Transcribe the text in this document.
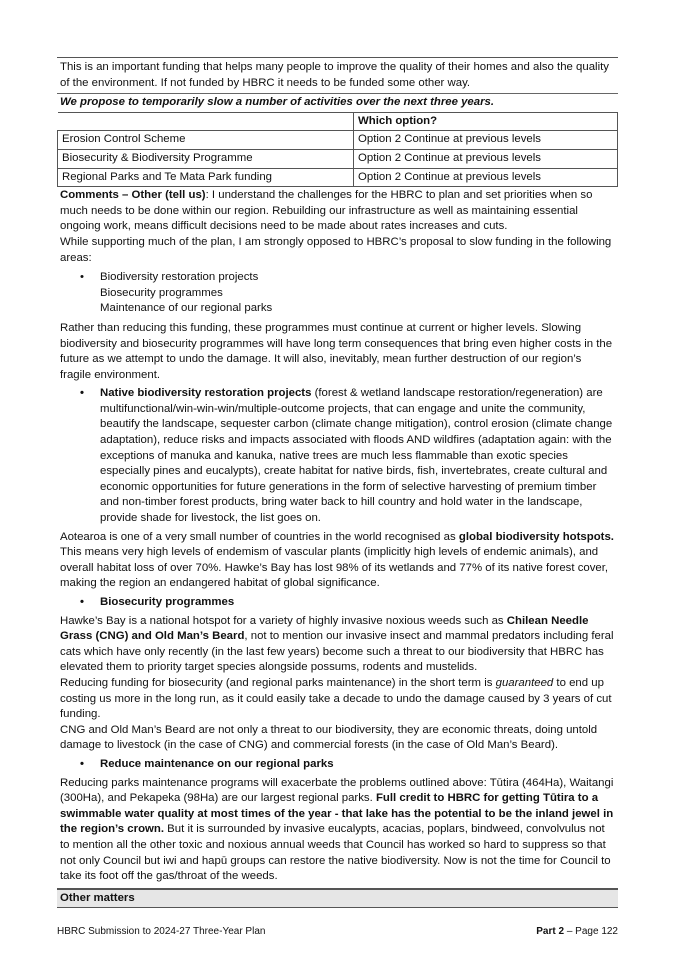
This is an important funding that helps many people to improve the quality of their homes and also the quality of the environment. If not funded by HBRC it needs to be funded some other way.
We propose to temporarily slow a number of activities over the next three years.
	Which option?
Erosion Control Scheme	Option 2 Continue at previous levels
Biosecurity & Biodiversity Programme	Option 2 Continue at previous levels
Regional Parks and Te Mata Park funding	Option 2 Continue at previous levels

Comments – Other (tell us): I understand the challenges for the HBRC to plan and set priorities when so much needs to be done within our region. Rebuilding our infrastructure as well as maintaining essential ongoing work, means difficult decisions need to be made about rates increases and cuts.

While supporting much of the plan, I am strongly opposed to HBRC’s proposal to slow funding in the following areas:

• Biodiversity restoration projects
Biosecurity programmes
Maintenance of our regional parks

Rather than reducing this funding, these programmes must continue at current or higher levels. Slowing biodiversity and biosecurity programmes will have long term consequences that bring even higher costs in the future as we attempt to undo the damage. It will also, inevitably, mean further destruction of our region’s fragile environment.

• Native biodiversity restoration projects (forest & wetland landscape restoration/regeneration) are multifunctional/win-win-win/multiple-outcome projects, that can engage and unite the community, beautify the landscape, sequester carbon (climate change mitigation), control erosion (climate change adaptation), reduce risks and impacts associated with floods AND wildfires (adaptation again: with the exceptions of manuka and kanuka, native trees are much less flammable than exotic species especially pines and eucalypts), create habitat for native birds, fish, invertebrates, create cultural and economic opportunities for future generations in the form of selective harvesting of premium timber and non-timber forest products, bring water back to hill country and hold water in the landscape, provide shade for livestock, the list goes on.

Aotearoa is one of a very small number of countries in the world recognised as global biodiversity hotspots. This means very high levels of endemism of vascular plants (implicitly high levels of endemic animals), and overall habitat loss of over 70%. Hawke’s Bay has lost 98% of its wetlands and 77% of its native forest cover, making the region an endangered habitat of global significance.

• Biosecurity programmes

Hawke’s Bay is a national hotspot for a variety of highly invasive noxious weeds such as Chilean Needle Grass (CNG) and Old Man’s Beard, not to mention our invasive insect and mammal predators including feral cats which have only recently (in the last few years) become such a threat to our biodiversity that HBRC has elevated them to priority target species alongside possums, rodents and mustelids.

Reducing funding for biosecurity (and regional parks maintenance) in the short term is guaranteed to end up costing us more in the long run, as it could easily take a decade to undo the damage caused by 3 years of cut funding.

CNG and Old Man’s Beard are not only a threat to our biodiversity, they are economic threats, doing untold damage to livestock (in the case of CNG) and commercial forests (in the case of Old Man’s Beard).

• Reduce maintenance on our regional parks

Reducing parks maintenance programs will exacerbate the problems outlined above: Tūtira (464Ha), Waitangi (300Ha), and Pekapeka (98Ha) are our largest regional parks. Full credit to HBRC for getting Tūtira to a swimmable water quality at most times of the year - that lake has the potential to be the inland jewel in the region’s crown. But it is surrounded by invasive eucalypts, acacias, poplars, bindweed, convolvulus not to mention all the other toxic and noxious annual weeds that Council has worked so hard to suppress so that not only Council but iwi and hapū groups can restore the native biodiversity. Now is not the time for Council to take its foot off the gas/throat of the weeds.

Other matters
HBRC Submission to 2024-27 Three-Year Plan	Part 2 – Page 122
